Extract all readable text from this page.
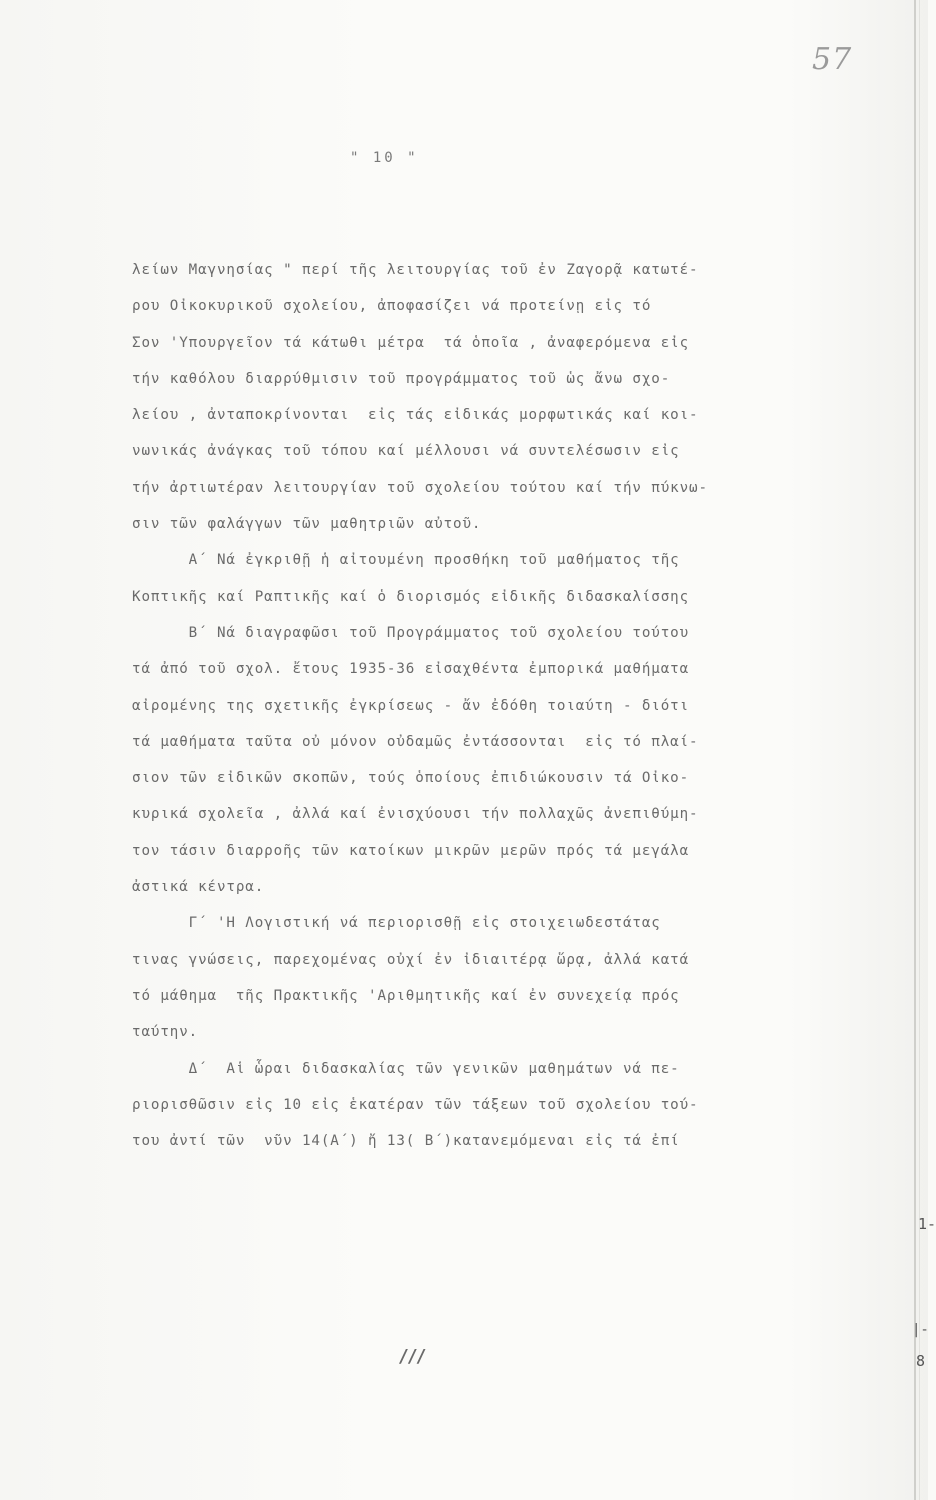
57
" 10 "
λείων Μαγνησίας " περί τῆς λειτουργίας τοῦ ἐν Ζαγορᾷ κατωτέ-
ρου Οἰκοκυρικοῦ σχολείου, ἀποφασίζει νά προτείνῃ εἰς τό
Σον 'Υπουργεῖον τά κάτωθι μέτρα  τά ὁποῖα , ἀναφερόμενα εἰς
τήν καθόλου διαρρύθμισιν τοῦ προγράμματος τοῦ ὡς ἄνω σχο-
λείου , ἀνταποκρίνονται  εἰς τάς εἰδικάς μορφωτικάς καί κοι-
νωνικάς ἀνάγκας τοῦ τόπου καί μέλλουσι νά συντελέσωσιν εἰς
τήν ἀρτιωτέραν λειτουργίαν τοῦ σχολείου τούτου καί τήν πύκνω-
σιν τῶν φαλάγγων τῶν μαθητριῶν αὐτοῦ.
Α΄ Νά ἐγκριθῇ ἡ αἰτουμένη προσθήκη τοῦ μαθήματος τῆς
Κοπτικῆς καί Ραπτικῆς καί ὁ διορισμός εἰδικῆς διδασκαλίσσης
Β΄ Νά διαγραφῶσι τοῦ Προγράμματος τοῦ σχολείου τούτου
τά ἀπό τοῦ σχολ. ἔτους 1935-36 εἰσαχθέντα ἐμπορικά μαθήματα
αἰρομένης της σχετικῆς ἐγκρίσεως - ἄν ἐδόθη τοιαύτη - διότι
τά μαθήματα ταῦτα οὐ μόνον οὐδαμῶς ἐντάσσονται  εἰς τό πλαί-
σιον τῶν εἰδικῶν σκοπῶν, τούς ὁποίους ἐπιδιώκουσιν τά Οἰκο-
κυρικά σχολεῖα , ἀλλά καί ἐνισχύουσι τήν πολλαχῶς ἀνεπιθύμη-
τον τάσιν διαρροῆς τῶν κατοίκων μικρῶν μερῶν πρός τά μεγάλα
ἀστικά κέντρα.
Γ΄ 'Η Λογιστική νά περιορισθῇ εἰς στοιχειωδεστάτας
τινας γνώσεις, παρεχομένας οὐχί ἐν ἰδιαιτέρᾳ ὥρᾳ, ἀλλά κατά
τό μάθημα  τῆς Πρακτικῆς 'Αριθμητικῆς καί ἐν συνεχείᾳ πρός
ταύτην.
Δ΄  Αἱ ὧραι διδασκαλίας τῶν γενικῶν μαθημάτων νά πε-
ριορισθῶσιν εἰς 10 εἰς ἑκατέραν τῶν τάξεων τοῦ σχολείου τού-
του ἀντί τῶν  νῦν 14(Α΄) ἤ 13( Β΄)κατανεμόμεναι εἰς τά ἐπί
///
1-
|-
8
